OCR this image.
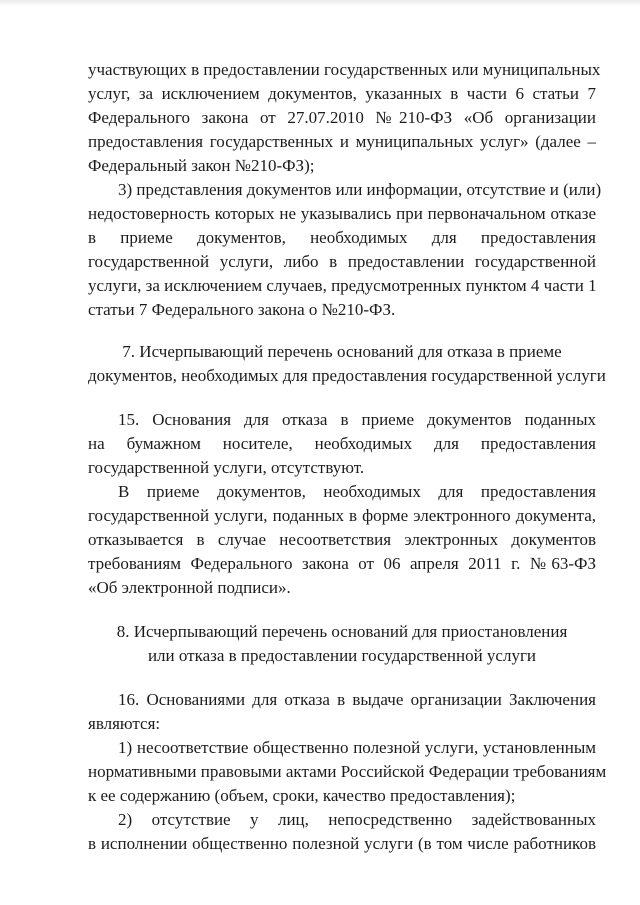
участвующих в предоставлении государственных или муниципальных
услуг, за исключением документов, указанных в части 6 статьи 7
Федерального закона от 27.07.2010 №210-ФЗ «Об организации
предоставления государственных и муниципальных услуг» (далее –
Федеральный закон №210-ФЗ);
3) представления документов или информации, отсутствие и (или)
недостоверность которых не указывались при первоначальном отказе
в приеме документов, необходимых для предоставления
государственной услуги, либо в предоставлении государственной
услуги, за исключением случаев, предусмотренных пунктом 4 части 1
статьи 7 Федерального закона о №210-ФЗ.
7. Исчерпывающий перечень оснований для отказа в приеме
документов, необходимых для предоставления государственной услуги
15. Основания для отказа в приеме документов поданных
на бумажном носителе, необходимых для предоставления
государственной услуги, отсутствуют.
В приеме документов, необходимых для предоставления
государственной услуги, поданных в форме электронного документа,
отказывается в случае несоответствия электронных документов
требованиям Федерального закона от 06 апреля 2011 г. №63-ФЗ
«Об электронной подписи».
8. Исчерпывающий перечень оснований для приостановления
или отказа в предоставлении государственной услуги
16. Основаниями для отказа в выдаче организации Заключения
являются:
1) несоответствие общественно полезной услуги, установленным
нормативными правовыми актами Российской Федерации требованиям
к ее содержанию (объем, сроки, качество предоставления);
2) отсутствие у лиц, непосредственно задействованных
в исполнении общественно полезной услуги (в том числе работников
